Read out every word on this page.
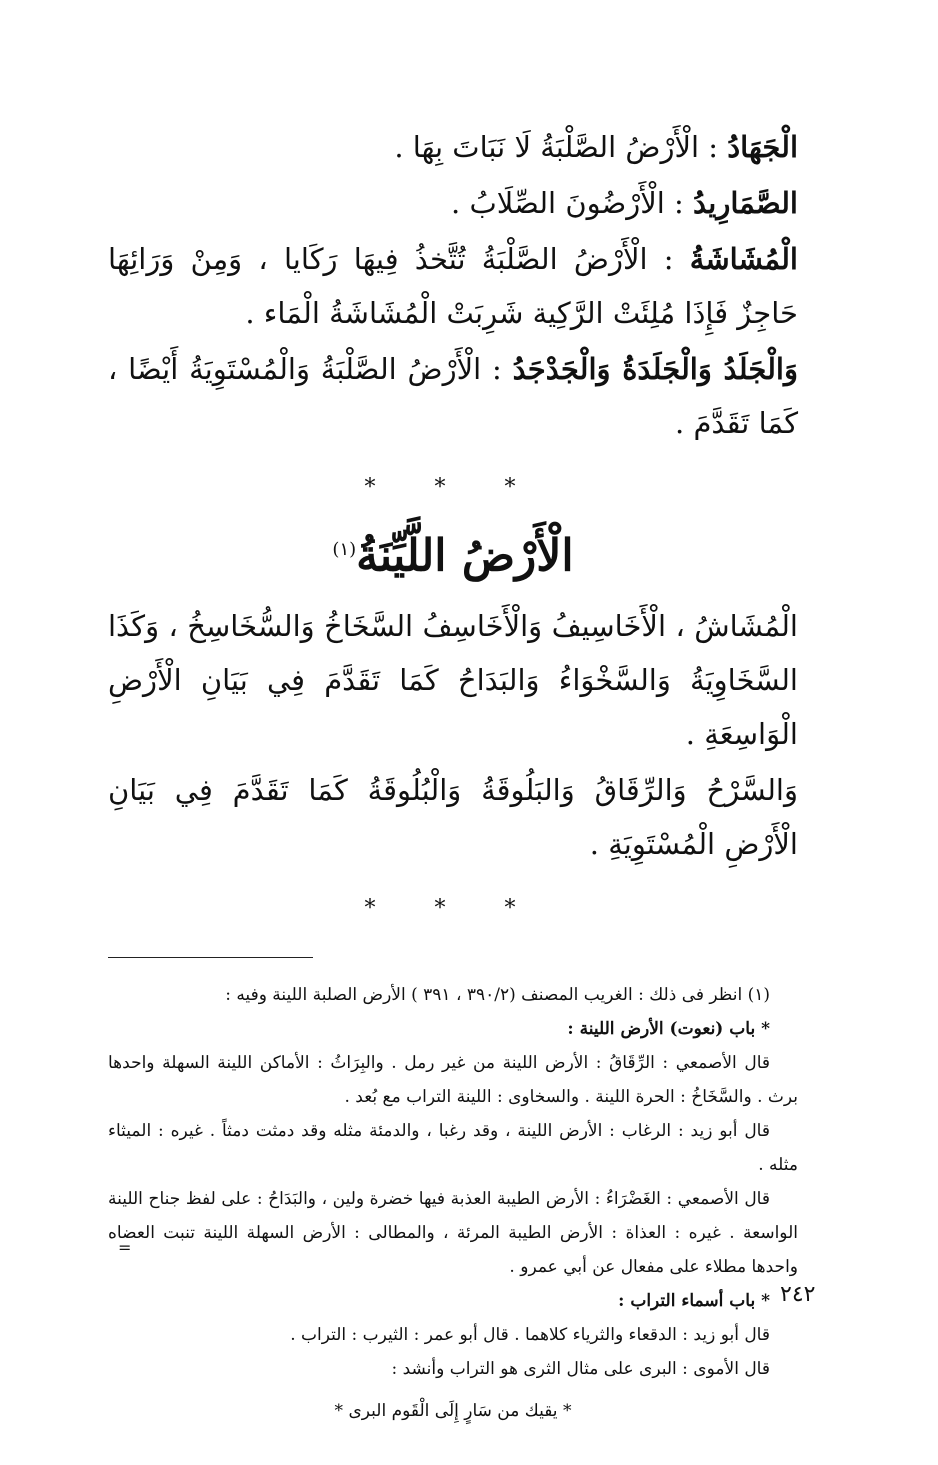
الْجَهَادُ : الْأَرْضُ الصَّلْبَةُ لَا نَبَاتَ بِهَا .

الصَّمَارِيدُ : الْأَرْضُونَ الصِّلَابُ .

الْمُشَاشَةُ : الْأَرْضُ الصَّلْبَةُ تُتَّخذُ فِيهَا رَكَايا ، وَمِنْ وَرَائِهَا حَاجِزٌ فَإِذَا مُلِئَتْ الرَّكِية شَرِبَتْ الْمُشَاشَةُ الْمَاء .

وَالْجَلَدُ وَالْجَلَدَةُ وَالْجَدْجَدُ : الْأَرْضُ الصَّلْبَةُ وَالْمُسْتَوِيَةُ أَيْضًا ، كَمَا تَقَدَّمَ .

* * *
الْأَرْضُ اللَّيِّنَةُ$^{(١)}$

الْمُشَاشُ ، الْأَخَاسِيفُ وَالْأَخَاسِفُ السَّخَاخُ وَالسُّخَاسِخُ ، وَكَذَا السَّخَاوِيَةُ وَالسَّخْوَاءُ وَالبَدَاحُ كَمَا تَقَدَّمَ فِي بَيَانِ الْأَرْضِ الْوَاسِعَةِ .

وَالسَّرْحُ وَالرِّقَاقُ وَالبَلُوقَةُ وَالْبُلُوقَةُ كَمَا تَقَدَّمَ فِي بَيَانِ الْأَرْضِ الْمُسْتَوِيَةِ .

* * *

(١) انظر فى ذلك : الغريب المصنف (٣٩٠/٢ ، ٣٩١ ) الأرض الصلبة اللينة وفيه :

* باب (نعوت) الأرض اللينة :

قال الأصمعي : الرِّقَاقُ : الأرض اللينة من غير رمل . والبِرَاثُ : الأماكن اللينة السهلة واحدها برث . والسَّخَاخُ : الحرة اللينة . والسخاوى : اللينة التراب مع بُعد .

قال أبو زيد : الرغاب : الأرض اللينة ، وقد رغبا ، والدمئة مثله وقد دمثت دمثاً . غيره : الميثاء مثله .

قال الأصمعي : الغَضْرَاءُ : الأرض الطيبة العذبة فيها خضرة ولين ، والبَدَاحُ : على لفظ جناح اللينة الواسعة . غيره : العذاة : الأرض الطيبة المرئة ، والمطالى : الأرض السهلة اللينة تنبت العضاه واحدها مطلاء على مفعال عن أبي عمرو .

* باب أسماء التراب :

قال أبو زيد : الدقعاء والثرياء كلاهما . قال أبو عمر : الثيرب : التراب .

قال الأموى : البرى على مثال الثرى هو التراب وأنشد :

* يقيك من سَارٍ إِلَى الْقَوم البرى *

=
٢٤٢
